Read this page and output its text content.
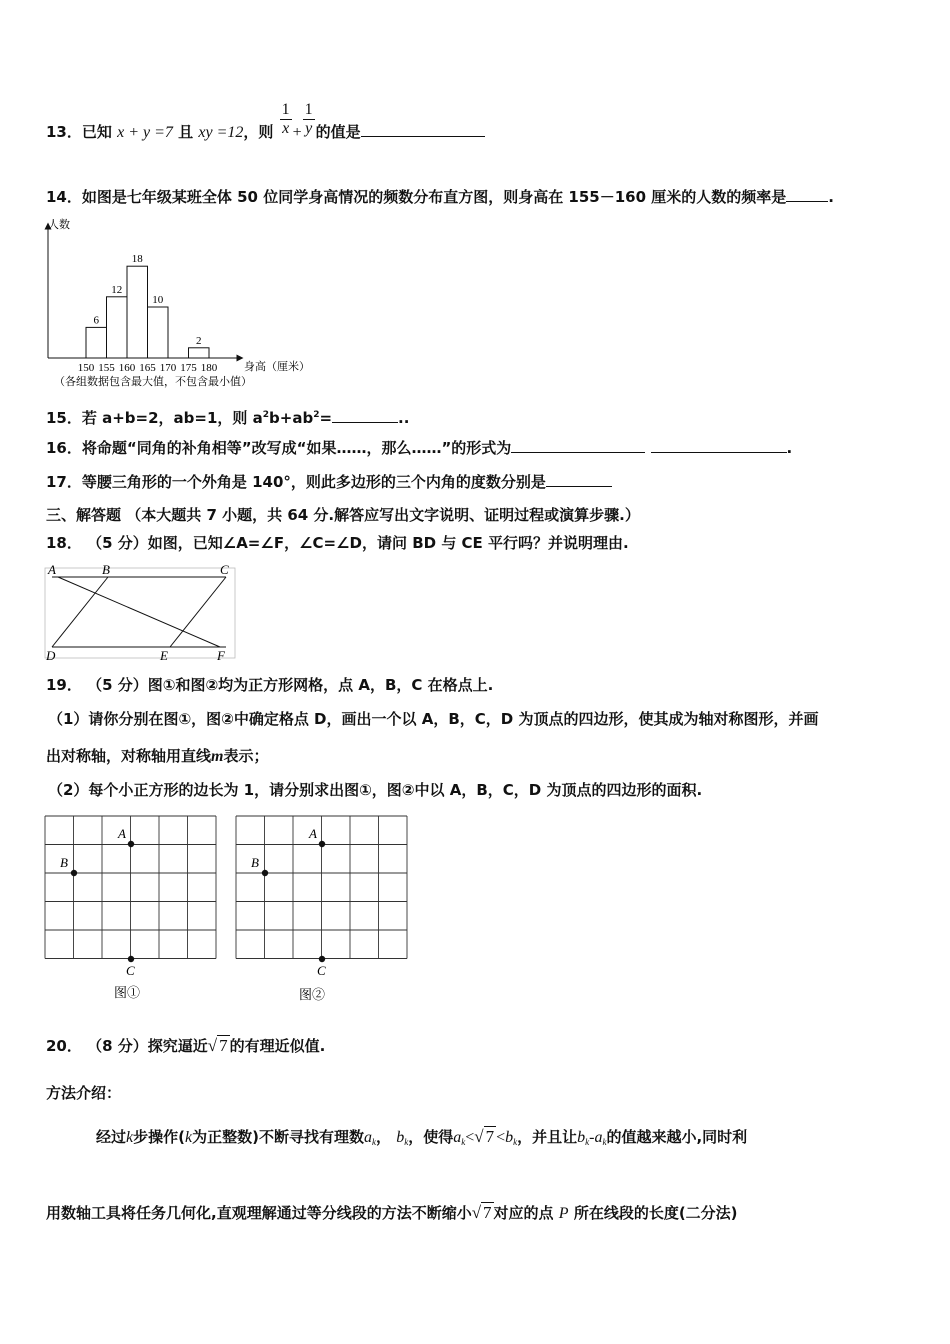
13．已知 x + y =7 且 xy =12，则 $\frac{1}{x} + \frac{1}{y}$ 的值是
14．如图是七年级某班全体 50 位同学身高情况的频数分布直方图，则身高在 155－160 厘米的人数的频率是	.
人数
身高（厘米）
（各组数据包含最大值，不包含最小值）
6
12
18
10
2
150 155 160 165 170 175 180
15．若 a+b=2，ab=1，则 $a^2b+ab^2=$	..
16．将命题“同角的补角相等”改写成“如果……，那么……”的形式为	.
17．等腰三角形的一个外角是 140°，则此多边形的三个内角的度数分别是
三、解答题 （本大题共 7 小题，共 64 分.解答应写出文字说明、证明过程或演算步骤.）
18． （5 分）如图，已知∠A=∠F，∠C=∠D，请问 BD 与 CE 平行吗？并说明理由.
A	B	C
D	E	F
19． （5 分）图①和图②均为正方形网格，点 A，B，C 在格点上.
（1）请你分别在图①，图②中确定格点 D，画出一个以 A，B，C，D 为顶点的四边形，使其成为轴对称图形，并画
出对称轴，对称轴用直线m表示；
（2）每个小正方形的边长为 1，请分别求出图①，图②中以 A，B，C，D 为顶点的四边形的面积.
A
B
C
图①
A
B
C
图②
20． （8 分）探究逼近√ 7 的有理近似值.
方法介绍：
经过k步操作(k为正整数)不断寻找有理数$a_k$， $b_k$，使得$a_k<√$ $7 <b_k$，并且让$b_k-a_k$的值越来越小,同时利
用数轴工具将任务几何化,直观理解通过等分线段的方法不断缩小√ 7 对应的点 P 所在线段的长度(二分法)
